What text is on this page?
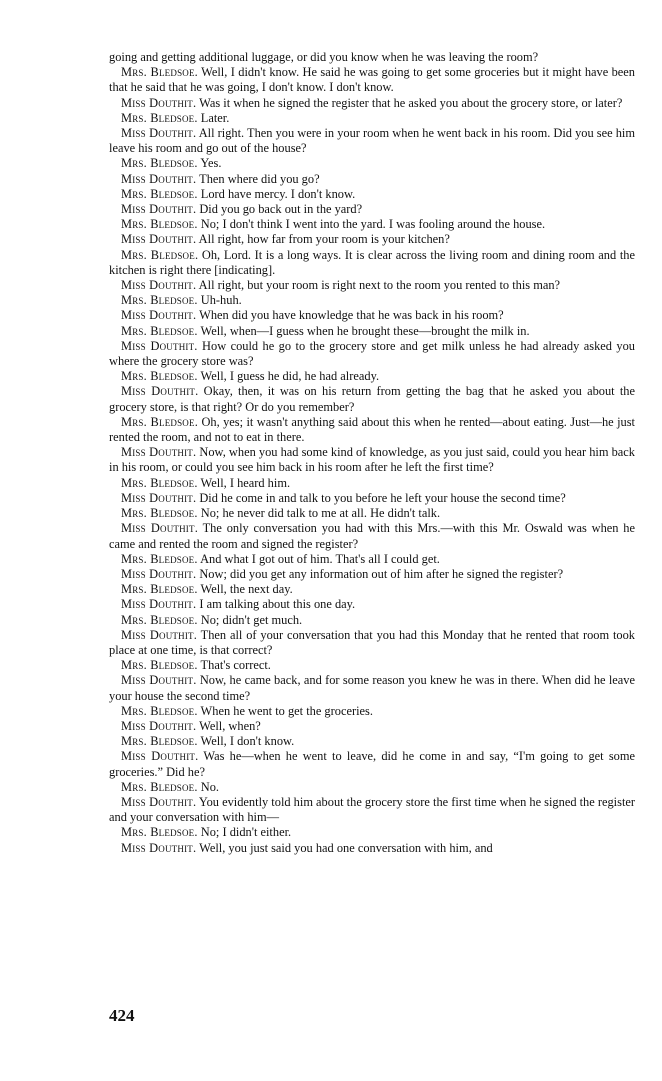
going and getting additional luggage, or did you know when he was leaving the room?

Mrs. Bledsoe. Well, I didn't know. He said he was going to get some groceries but it might have been that he said that he was going, I don't know. I don't know.

Miss Douthit. Was it when he signed the register that he asked you about the grocery store, or later?

Mrs. Bledsoe. Later.

Miss Douthit. All right. Then you were in your room when he went back in his room. Did you see him leave his room and go out of the house?

Mrs. Bledsoe. Yes.

Miss Douthit. Then where did you go?

Mrs. Bledsoe. Lord have mercy. I don't know.

Miss Douthit. Did you go back out in the yard?

Mrs. Bledsoe. No; I don't think I went into the yard. I was fooling around the house.

Miss Douthit. All right, how far from your room is your kitchen?

Mrs. Bledsoe. Oh, Lord. It is a long ways. It is clear across the living room and dining room and the kitchen is right there [indicating].

Miss Douthit. All right, but your room is right next to the room you rented to this man?

Mrs. Bledsoe. Uh-huh.

Miss Douthit. When did you have knowledge that he was back in his room?

Mrs. Bledsoe. Well, when—I guess when he brought these—brought the milk in.

Miss Douthit. How could he go to the grocery store and get milk unless he had already asked you where the grocery store was?

Mrs. Bledsoe. Well, I guess he did, he had already.

Miss Douthit. Okay, then, it was on his return from getting the bag that he asked you about the grocery store, is that right? Or do you remember?

Mrs. Bledsoe. Oh, yes; it wasn't anything said about this when he rented—about eating. Just—he just rented the room, and not to eat in there.

Miss Douthit. Now, when you had some kind of knowledge, as you just said, could you hear him back in his room, or could you see him back in his room after he left the first time?

Mrs. Bledsoe. Well, I heard him.

Miss Douthit. Did he come in and talk to you before he left your house the second time?

Mrs. Bledsoe. No; he never did talk to me at all. He didn't talk.

Miss Douthit. The only conversation you had with this Mrs.—with this Mr. Oswald was when he came and rented the room and signed the register?

Mrs. Bledsoe. And what I got out of him. That's all I could get.

Miss Douthit. Now; did you get any information out of him after he signed the register?

Mrs. Bledsoe. Well, the next day.

Miss Douthit. I am talking about this one day.

Mrs. Bledsoe. No; didn't get much.

Miss Douthit. Then all of your conversation that you had this Monday that he rented that room took place at one time, is that correct?

Mrs. Bledsoe. That's correct.

Miss Douthit. Now, he came back, and for some reason you knew he was in there. When did he leave your house the second time?

Mrs. Bledsoe. When he went to get the groceries.

Miss Douthit. Well, when?

Mrs. Bledsoe. Well, I don't know.

Miss Douthit. Was he—when he went to leave, did he come in and say, “I'm going to get some groceries.” Did he?

Mrs. Bledsoe. No.

Miss Douthit. You evidently told him about the grocery store the first time when he signed the register and your conversation with him—

Mrs. Bledsoe. No; I didn't either.

Miss Douthit. Well, you just said you had one conversation with him, and

424
